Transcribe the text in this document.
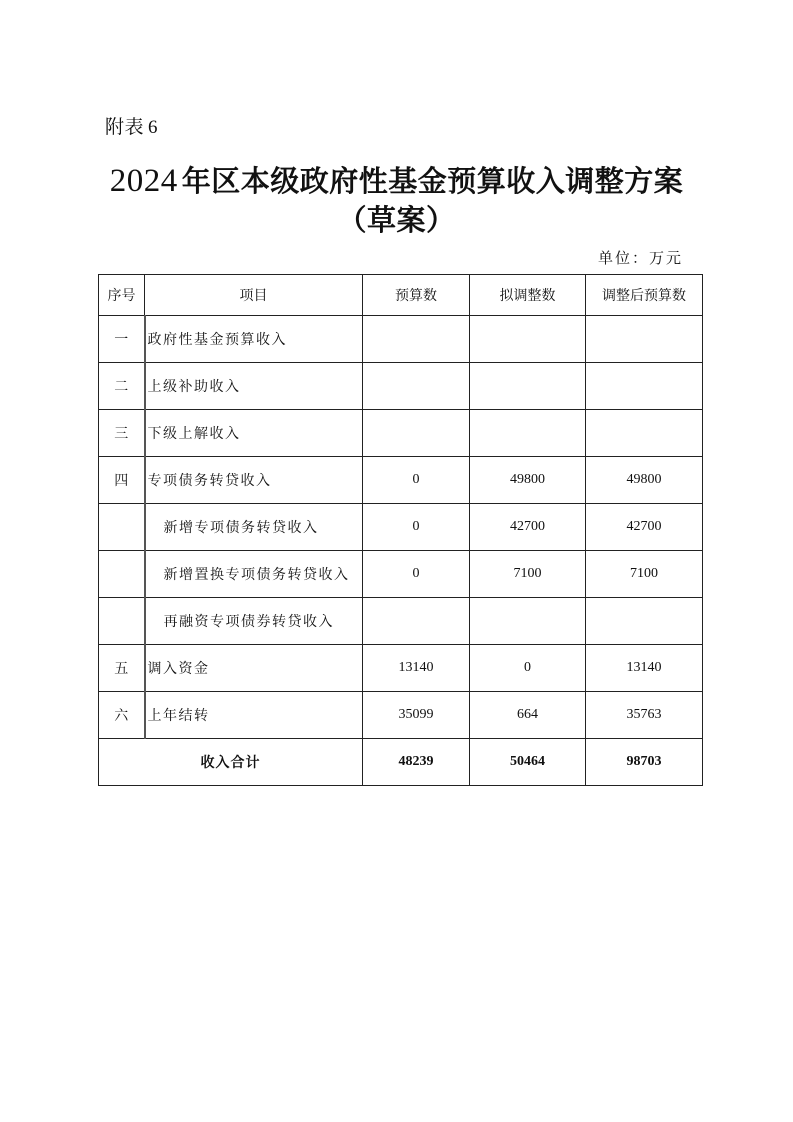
附表 6
2024 年区本级政府性基金预算收入调整方案
（草案）
单位：万元
序号	项目	预算数	拟调整数	调整后预算数
一	政府性基金预算收入			
二	上级补助收入			
三	下级上解收入			
四	专项债务转贷收入	0	49800	49800
	新增专项债务转贷收入	0	42700	42700
	新增置换专项债务转贷收入	0	7100	7100
	再融资专项债券转贷收入			
五	调入资金	13140	0	13140
六	上年结转	35099	664	35763
收入合计		48239	50464	98703
